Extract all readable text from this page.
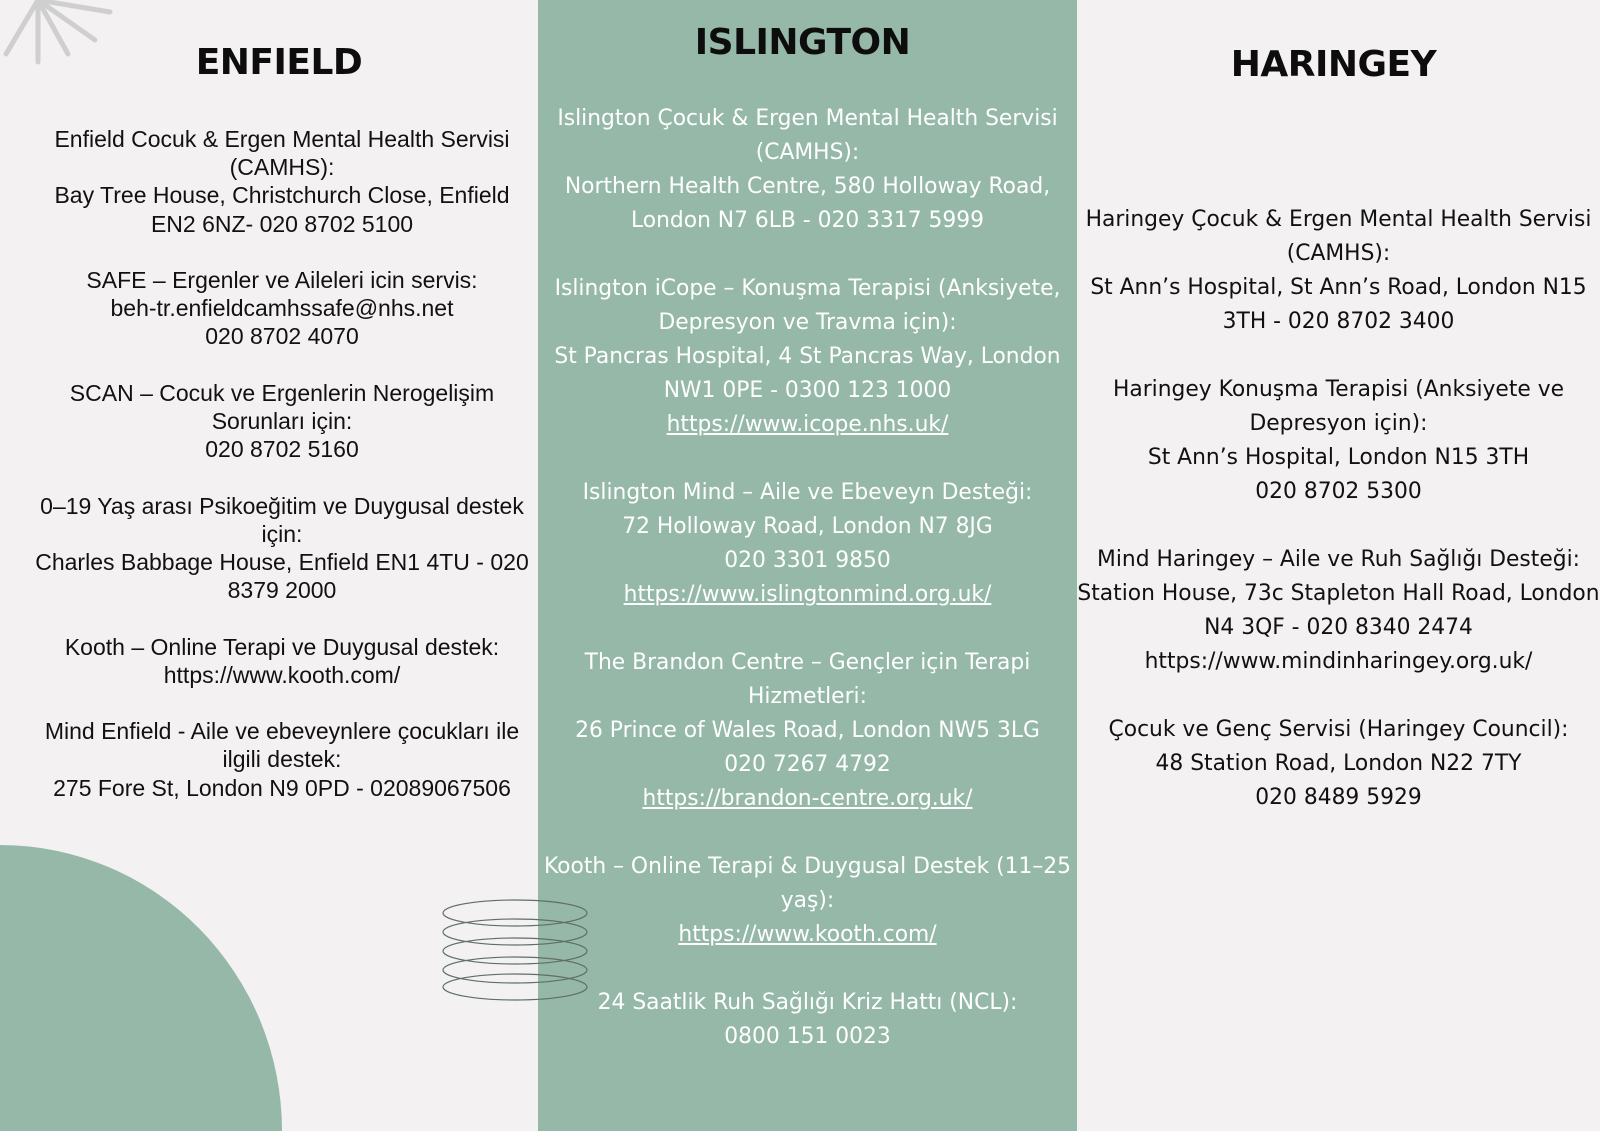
ENFIELD

Enfield Cocuk & Ergen Mental Health Servisi (CAMHS):
Bay Tree House, Christchurch Close, Enfield EN2 6NZ- 020 8702 5100

SAFE – Ergenler ve Aileleri icin servis:
beh-tr.enfieldcamhssafe@nhs.net
020 8702 4070

SCAN – Cocuk ve Ergenlerin Nerogelişim Sorunları için:
020 8702 5160

0–19 Yaş arası Psikoeğitim ve Duygusal destek için:
Charles Babbage House, Enfield EN1 4TU - 020 8379 2000

Kooth – Online Terapi ve Duygusal destek:
https://www.kooth.com/

Mind Enfield - Aile ve ebeveynlere çocukları ile ilgili destek:
275 Fore St, London N9 0PD - 02089067506

ISLINGTON

Islington Çocuk & Ergen Mental Health Servisi (CAMHS):
Northern Health Centre, 580 Holloway Road, London N7 6LB - 020 3317 5999

Islington iCope – Konuşma Terapisi (Anksiyete, Depresyon ve Travma için):
St Pancras Hospital, 4 St Pancras Way, London NW1 0PE - 0300 123 1000
https://www.icope.nhs.uk/

Islington Mind – Aile ve Ebeveyn Desteği:
72 Holloway Road, London N7 8JG
020 3301 9850
https://www.islingtonmind.org.uk/

The Brandon Centre – Gençler için Terapi Hizmetleri:
26 Prince of Wales Road, London NW5 3LG
020 7267 4792
https://brandon-centre.org.uk/

Kooth – Online Terapi & Duygusal Destek (11–25 yaş):
https://www.kooth.com/

24 Saatlik Ruh Sağlığı Kriz Hattı (NCL):
0800 151 0023

HARINGEY

Haringey Çocuk & Ergen Mental Health Servisi (CAMHS):
St Ann’s Hospital, St Ann’s Road, London N15 3TH - 020 8702 3400

Haringey Konuşma Terapisi (Anksiyete ve Depresyon için):
St Ann’s Hospital, London N15 3TH
020 8702 5300

Mind Haringey – Aile ve Ruh Sağlığı Desteği:
Station House, 73c Stapleton Hall Road, London N4 3QF - 020 8340 2474
https://www.mindinharingey.org.uk/

Çocuk ve Genç Servisi (Haringey Council):
48 Station Road, London N22 7TY
020 8489 5929
